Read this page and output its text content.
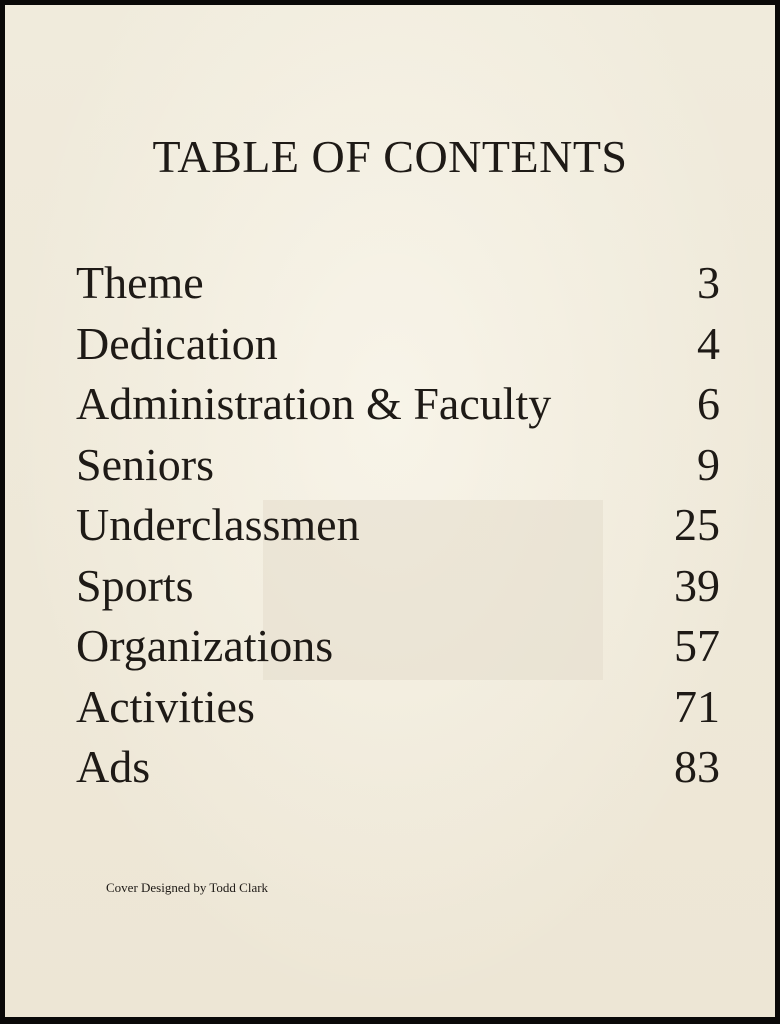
TABLE OF CONTENTS
Theme	3
Dedication	4
Administration & Faculty	6
Seniors	9
Underclassmen	25
Sports	39
Organizations	57
Activities	71
Ads	83

Cover Designed by Todd Clark
